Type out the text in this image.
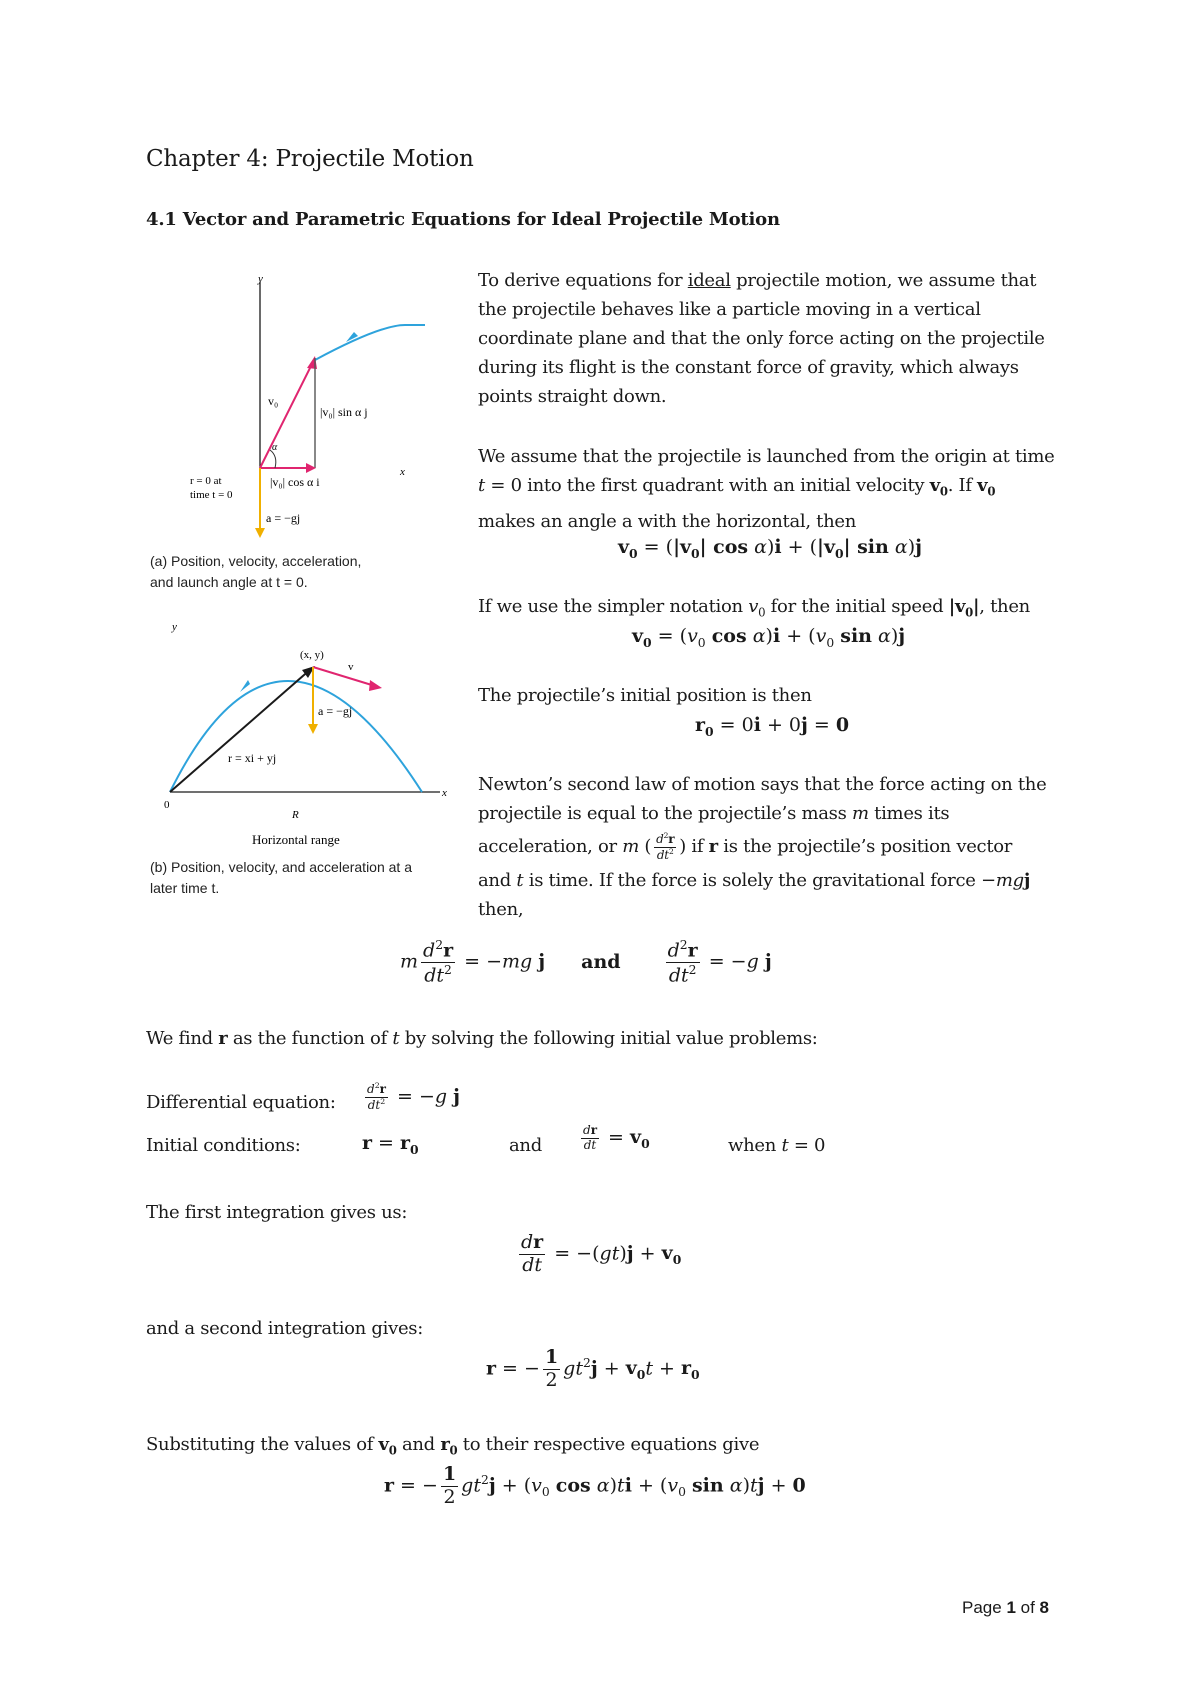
Chapter 4: Projectile Motion
4.1 Vector and Parametric Equations for Ideal Projectile Motion
y
x
α
v₀
|v₀| sin α j
|v₀| cos α i
r = 0 at
time t = 0
a = −gj
(a) Position, velocity, acceleration,
and launch angle at t = 0.
y
x
(x, y)
v
a = −gj
r = xi + yj
0
R
Horizontal range
(b) Position, velocity, and acceleration at a
later time t.
To derive equations for ideal projectile motion, we assume that
the projectile behaves like a particle moving in a vertical
coordinate plane and that the only force acting on the projectile
during its flight is the constant force of gravity, which always
points straight down.
We assume that the projectile is launched from the origin at time
t = 0 into the first quadrant with an initial velocity $v_0$. If $v_0$
makes an angle a with the horizontal, then
$v_0 = (|v_0|$ $\cos \alpha)i + (|v_0|$ sin α)j
If we use the simpler notation $v_0$ for the initial speed $|v_0|$, then
$v_0 = (v_0$ $\cos \alpha)i + (v_0$ sin α)j
The projectile’s initial position is then
$r_0 = 0i + 0j = 0$
Newton’s second law of motion says that the force acting on the
projectile is equal to the projectile’s mass m times its
acceleration, or m ( $\frac{d^2r}{dt^2}$ ) if r is the projectile’s position vector
and t is time. If the force is solely the gravitational force −mgj
then,
m $\frac{d^2r}{dt^2} = -mg$ j and $\frac{d^2r}{dt^2} = -g$ j
We find r as the function of t by solving the following initial value problems:
Differential equation: $\frac{d^2r}{dt^2} = -g$ j
Initial conditions:	$r = r_0$	and	$\frac{dr}{dt} = v_0$	when t = 0
The first integration gives us:
$\frac{dr}{dt} = -(gt)j + v_0$
and a second integration gives:
r = − $\frac{1}{2} gt^2j + v_0t + r_0$
Substituting the values of $v_0$ and $r_0$ to their respective equations give
r = − $\frac{1}{2} gt^2j + (v_0$ $\cos \alpha)ti + (v_0$ sin α)tj + 0
Page 1 of 8
